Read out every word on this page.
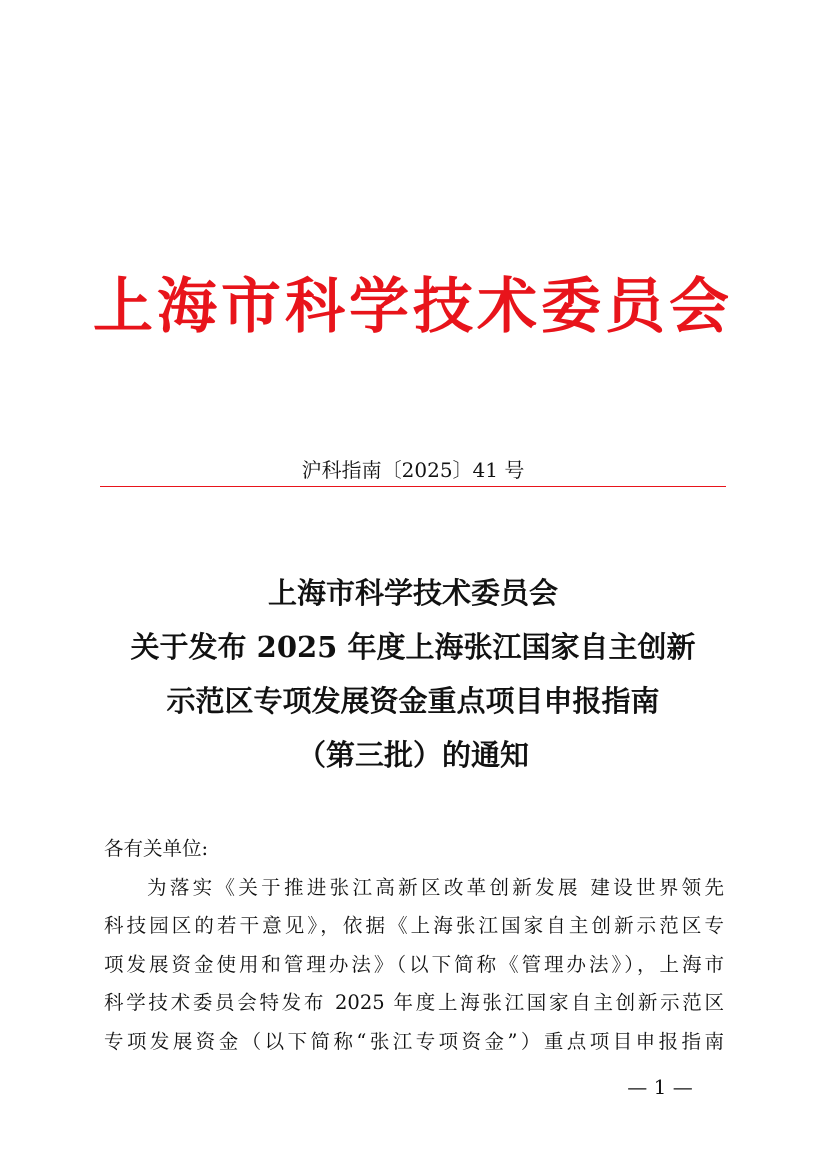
上海市科学技术委员会
沪科指南〔2025〕41 号
上海市科学技术委员会
关于发布 2025 年度上海张江国家自主创新
示范区专项发展资金重点项目申报指南
（第三批）的通知
各有关单位:
为落实《关于推进张江高新区改革创新发展 建设世界领先
科技园区的若干意见》，依据《上海张江国家自主创新示范区专
项发展资金使用和管理办法》（以下简称《管理办法》），上海市
科学技术委员会特发布 2025 年度上海张江国家自主创新示范区
专项发展资金（以下简称“张江专项资金”）重点项目申报指南
— 1 —
